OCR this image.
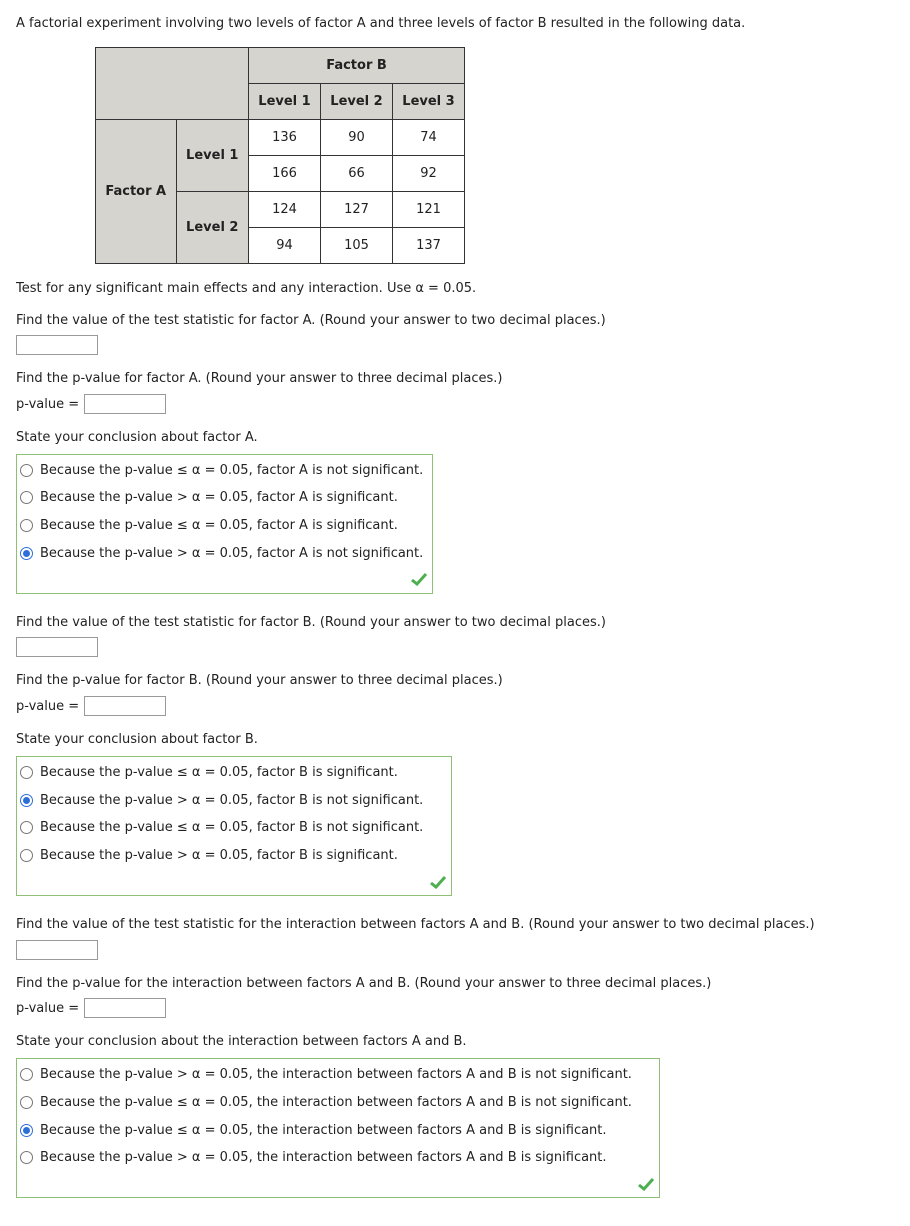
A factorial experiment involving two levels of factor A and three levels of factor B resulted in the following data.
		Factor B		
		Level 1	Level 2	Level 3
Factor A	Level 1	136	90	74
		166	66	92
	Level 2	124	127	121
		94	105	137
Test for any significant main effects and any interaction. Use α = 0.05.
Find the value of the test statistic for factor A. (Round your answer to two decimal places.)
Find the p-value for factor A. (Round your answer to three decimal places.)
p-value =
State your conclusion about factor A.
Because the p-value ≤ α = 0.05, factor A is not significant.
Because the p-value > α = 0.05, factor A is significant.
Because the p-value ≤ α = 0.05, factor A is significant.
Because the p-value > α = 0.05, factor A is not significant.
Find the value of the test statistic for factor B. (Round your answer to two decimal places.)
Find the p-value for factor B. (Round your answer to three decimal places.)
p-value =
State your conclusion about factor B.
Because the p-value ≤ α = 0.05, factor B is significant.
Because the p-value > α = 0.05, factor B is not significant.
Because the p-value ≤ α = 0.05, factor B is not significant.
Because the p-value > α = 0.05, factor B is significant.
Find the value of the test statistic for the interaction between factors A and B. (Round your answer to two decimal places.)
Find the p-value for the interaction between factors A and B. (Round your answer to three decimal places.)
p-value =
State your conclusion about the interaction between factors A and B.
Because the p-value > α = 0.05, the interaction between factors A and B is not significant.
Because the p-value ≤ α = 0.05, the interaction between factors A and B is not significant.
Because the p-value ≤ α = 0.05, the interaction between factors A and B is significant.
Because the p-value > α = 0.05, the interaction between factors A and B is significant.
